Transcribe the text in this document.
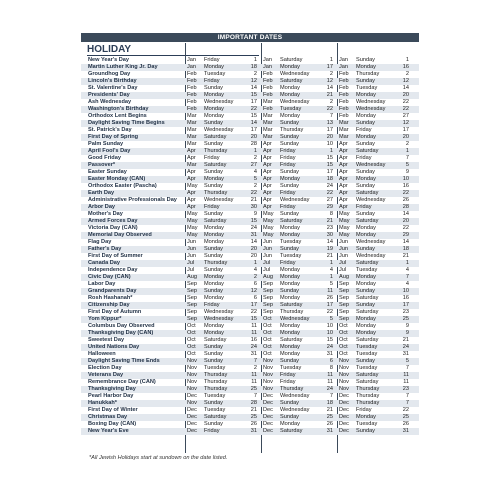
IMPORTANT DATES
HOLIDAY
New Year's Day	Jan	Friday	1 Jan	Saturday	1 Jan	Sunday	1
Martin Luther King Jr. Day	Jan	Monday	18 Jan	Monday	17 Jan	Monday	16
Groundhog Day	Feb	Tuesday	2 Feb	Wednesday	2 Feb	Thursday	2
Lincoln's Birthday	Feb	Friday	12 Feb	Saturday	12 Feb	Sunday	12
St. Valentine's Day	Feb	Sunday	14 Feb	Monday	14 Feb	Tuesday	14
Presidents' Day	Feb	Monday	15 Feb	Monday	21 Feb	Monday	20
Ash Wednesday	Feb	Wednesday	17 Mar	Wednesday	2 Feb	Wednesday	22
Washington's Birthday	Feb	Monday	22 Feb	Tuesday	22 Feb	Wednesday	22
Orthodox Lent Begins	Mar	Monday	15 Mar	Monday	7 Feb	Monday	27
Daylight Saving Time Begins	Mar	Sunday	14 Mar	Sunday	13 Mar	Sunday	12
St. Patrick's Day	Mar	Wednesday	17 Mar	Thursday	17 Mar	Friday	17
First Day of Spring	Mar	Saturday	20 Mar	Sunday	20 Mar	Monday	20
Palm Sunday	Mar	Sunday	28 Apr	Sunday	10 Apr	Sunday	2
April Fool's Day	Apr	Thursday	1 Apr	Friday	1 Apr	Saturday	1
Good Friday	Apr	Friday	2 Apr	Friday	15 Apr	Friday	7
Passover*	Mar	Saturday	27 Apr	Friday	15 Apr	Wednesday	5
Easter Sunday	Apr	Sunday	4 Apr	Sunday	17 Apr	Sunday	9
Easter Monday (CAN)	Apr	Monday	5 Apr	Monday	18 Apr	Monday	10
Orthodox Easter (Pascha)	May	Sunday	2 Apr	Sunday	24 Apr	Sunday	16
Earth Day	Apr	Thursday	22 Apr	Friday	22 Apr	Saturday	22
Administrative Professionals Day	Apr	Wednesday	21 Apr	Wednesday	27 Apr	Wednesday	26
Arbor Day	Apr	Friday	30 Apr	Friday	29 Apr	Friday	28
Mother's Day	May	Sunday	9 May	Sunday	8 May	Sunday	14
Armed Forces Day	May	Saturday	15 May	Saturday	21 May	Saturday	20
Victoria Day (CAN)	May	Monday	24 May	Monday	23 May	Monday	22
Memorial Day Observed	May	Monday	31 May	Monday	30 May	Monday	29
Flag Day	Jun	Monday	14 Jun	Tuesday	14 Jun	Wednesday	14
Father's Day	Jun	Sunday	20 Jun	Sunday	19 Jun	Sunday	18
First Day of Summer	Jun	Sunday	20 Jun	Tuesday	21 Jun	Wednesday	21
Canada Day	Jul	Thursday	1 Jul	Friday	1 Jul	Saturday	1
Independence Day	Jul	Sunday	4 Jul	Monday	4 Jul	Tuesday	4
Civic Day (CAN)	Aug	Monday	2 Aug	Monday	1 Aug	Monday	7
Labor Day	Sep	Monday	6 Sep	Monday	5 Sep	Monday	4
Grandparents Day	Sep	Sunday	12 Sep	Sunday	11 Sep	Sunday	10
Rosh Hashanah*	Sep	Monday	6 Sep	Monday	26 Sep	Saturday	16
Citizenship Day	Sep	Friday	17 Sep	Saturday	17 Sep	Sunday	17
First Day of Autumn	Sep	Wednesday	22 Sep	Thursday	22 Sep	Saturday	23
Yom Kippur*	Sep	Wednesday	15 Oct	Wednesday	5 Sep	Monday	25
Columbus Day Observed	Oct	Monday	11 Oct	Monday	10 Oct	Monday	9
Thanksgiving Day (CAN)	Oct	Monday	11 Oct	Monday	10 Oct	Monday	9
Sweetest Day	Oct	Saturday	16 Oct	Saturday	15 Oct	Saturday	21
United Nations Day	Oct	Sunday	24 Oct	Monday	24 Oct	Tuesday	24
Halloween	Oct	Sunday	31 Oct	Monday	31 Oct	Tuesday	31
Daylight Saving Time Ends	Nov	Sunday	7 Nov	Sunday	6 Nov	Sunday	5
Election Day	Nov	Tuesday	2 Nov	Tuesday	8 Nov	Tuesday	7
Veterans Day	Nov	Thursday	11 Nov	Friday	11 Nov	Saturday	11
Remembrance Day (CAN)	Nov	Thursday	11 Nov	Friday	11 Nov	Saturday	11
Thanksgiving Day	Nov	Thursday	25 Nov	Thursday	24 Nov	Thursday	23
Pearl Harbor Day	Dec	Tuesday	7 Dec	Wednesday	7 Dec	Thursday	7
Hanukkah*	Nov	Sunday	28 Dec	Sunday	18 Dec	Thursday	7
First Day of Winter	Dec	Tuesday	21 Dec	Wednesday	21 Dec	Friday	22
Christmas Day	Dec	Saturday	25 Dec	Sunday	25 Dec	Monday	25
Boxing Day (CAN)	Dec	Sunday	26 Dec	Monday	26 Dec	Tuesday	26
New Year's Eve	Dec	Friday	31 Dec	Saturday	31 Dec	Sunday	31
*All Jewish Holidays start at sundown on the date listed.
